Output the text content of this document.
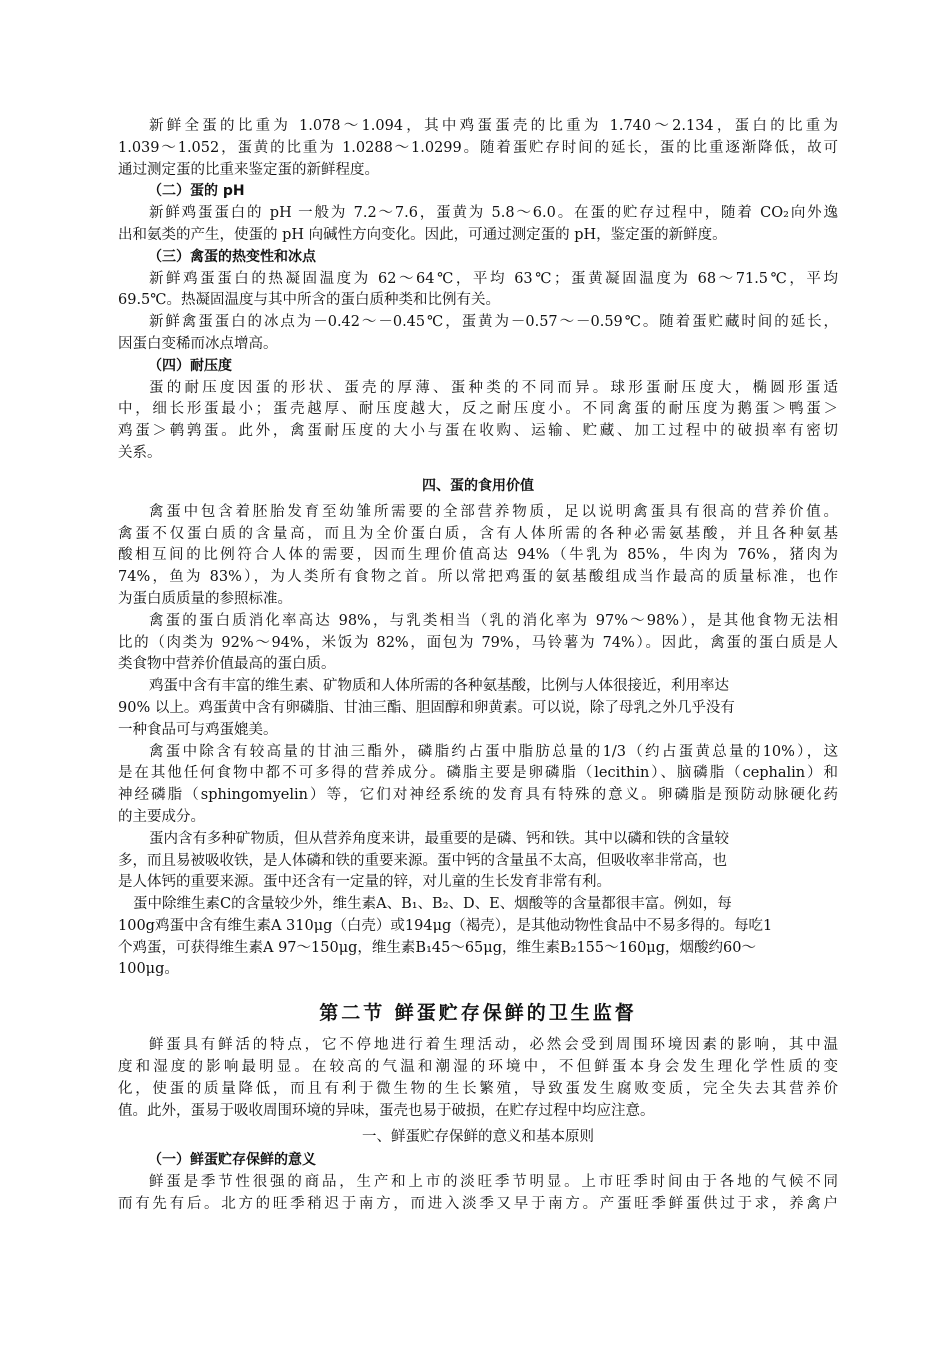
新鲜全蛋的比重为 1.078～1.094，其中鸡蛋蛋壳的比重为 1.740～2.134，蛋白的比重为
1.039～1.052，蛋黄的比重为 1.0288～1.0299。随着蛋贮存时间的延长，蛋的比重逐渐降低，故可
通过测定蛋的比重来鉴定蛋的新鲜程度。
（二）蛋的 pH
新鲜鸡蛋蛋白的 pH 一般为 7.2～7.6，蛋黄为 5.8～6.0。在蛋的贮存过程中，随着 CO₂向外逸
出和氨类的产生，使蛋的 pH 向碱性方向变化。因此，可通过测定蛋的 pH，鉴定蛋的新鲜度。
（三）禽蛋的热变性和冰点
新鲜鸡蛋蛋白的热凝固温度为 62～64℃，平均 63℃；蛋黄凝固温度为 68～71.5℃，平均
69.5℃。热凝固温度与其中所含的蛋白质种类和比例有关。
新鲜禽蛋蛋白的冰点为－0.42～－0.45℃，蛋黄为－0.57～－0.59℃。随着蛋贮藏时间的延长，
因蛋白变稀而冰点增高。
（四）耐压度
蛋的耐压度因蛋的形状、蛋壳的厚薄、蛋种类的不同而异。球形蛋耐压度大，椭圆形蛋适
中，细长形蛋最小；蛋壳越厚、耐压度越大，反之耐压度小。不同禽蛋的耐压度为鹅蛋＞鸭蛋＞
鸡蛋＞鹌鹑蛋。此外，禽蛋耐压度的大小与蛋在收购、运输、贮藏、加工过程中的破损率有密切
关系。
四、蛋的食用价值
禽蛋中包含着胚胎发育至幼雏所需要的全部营养物质，足以说明禽蛋具有很高的营养价值。
禽蛋不仅蛋白质的含量高，而且为全价蛋白质，含有人体所需的各种必需氨基酸，并且各种氨基
酸相互间的比例符合人体的需要，因而生理价值高达 94%（牛乳为 85%，牛肉为 76%，猪肉为
74%，鱼为 83%），为人类所有食物之首。所以常把鸡蛋的氨基酸组成当作最高的质量标准，也作
为蛋白质质量的参照标准。
禽蛋的蛋白质消化率高达 98%，与乳类相当（乳的消化率为 97%～98%），是其他食物无法相
比的（肉类为 92%～94%，米饭为 82%，面包为 79%，马铃薯为 74%）。因此，禽蛋的蛋白质是人
类食物中营养价值最高的蛋白质。
鸡蛋中含有丰富的维生素、矿物质和人体所需的各种氨基酸，比例与人体很接近，利用率达
90% 以上。鸡蛋黄中含有卵磷脂、甘油三酯、胆固醇和卵黄素。可以说，除了母乳之外几乎没有
一种食品可与鸡蛋媲美。
禽蛋中除含有较高量的甘油三酯外，磷脂约占蛋中脂肪总量的1/3（约占蛋黄总量的10%），这
是在其他任何食物中都不可多得的营养成分。磷脂主要是卵磷脂（lecithin）、脑磷脂（cephalin）和
神经磷脂（sphingomyelin）等，它们对神经系统的发育具有特殊的意义。卵磷脂是预防动脉硬化药
的主要成分。
蛋内含有多种矿物质，但从营养角度来讲，最重要的是磷、钙和铁。其中以磷和铁的含量较
多，而且易被吸收铁，是人体磷和铁的重要来源。蛋中钙的含量虽不太高，但吸收率非常高，也
是人体钙的重要来源。蛋中还含有一定量的锌，对儿童的生长发育非常有利。
蛋中除维生素C的含量较少外，维生素A、B₁、B₂、D、E、烟酸等的含量都很丰富。例如，每
100g鸡蛋中含有维生素A 310μg（白壳）或194μg（褐壳），是其他动物性食品中不易多得的。每吃1
个鸡蛋，可获得维生素A 97～150μg，维生素B₁45～65μg，维生素B₂155～160μg，烟酸约60～
100μg。
第二节 鲜蛋贮存保鲜的卫生监督
鲜蛋具有鲜活的特点，它不停地进行着生理活动，必然会受到周围环境因素的影响，其中温
度和湿度的影响最明显。在较高的气温和潮湿的环境中，不但鲜蛋本身会发生理化学性质的变
化，使蛋的质量降低，而且有利于微生物的生长繁殖，导致蛋发生腐败变质，完全失去其营养价
值。此外，蛋易于吸收周围环境的异味，蛋壳也易于破损，在贮存过程中均应注意。
一、鲜蛋贮存保鲜的意义和基本原则
（一）鲜蛋贮存保鲜的意义
鲜蛋是季节性很强的商品，生产和上市的淡旺季节明显。上市旺季时间由于各地的气候不同
而有先有后。北方的旺季稍迟于南方，而进入淡季又早于南方。产蛋旺季鲜蛋供过于求，养禽户
